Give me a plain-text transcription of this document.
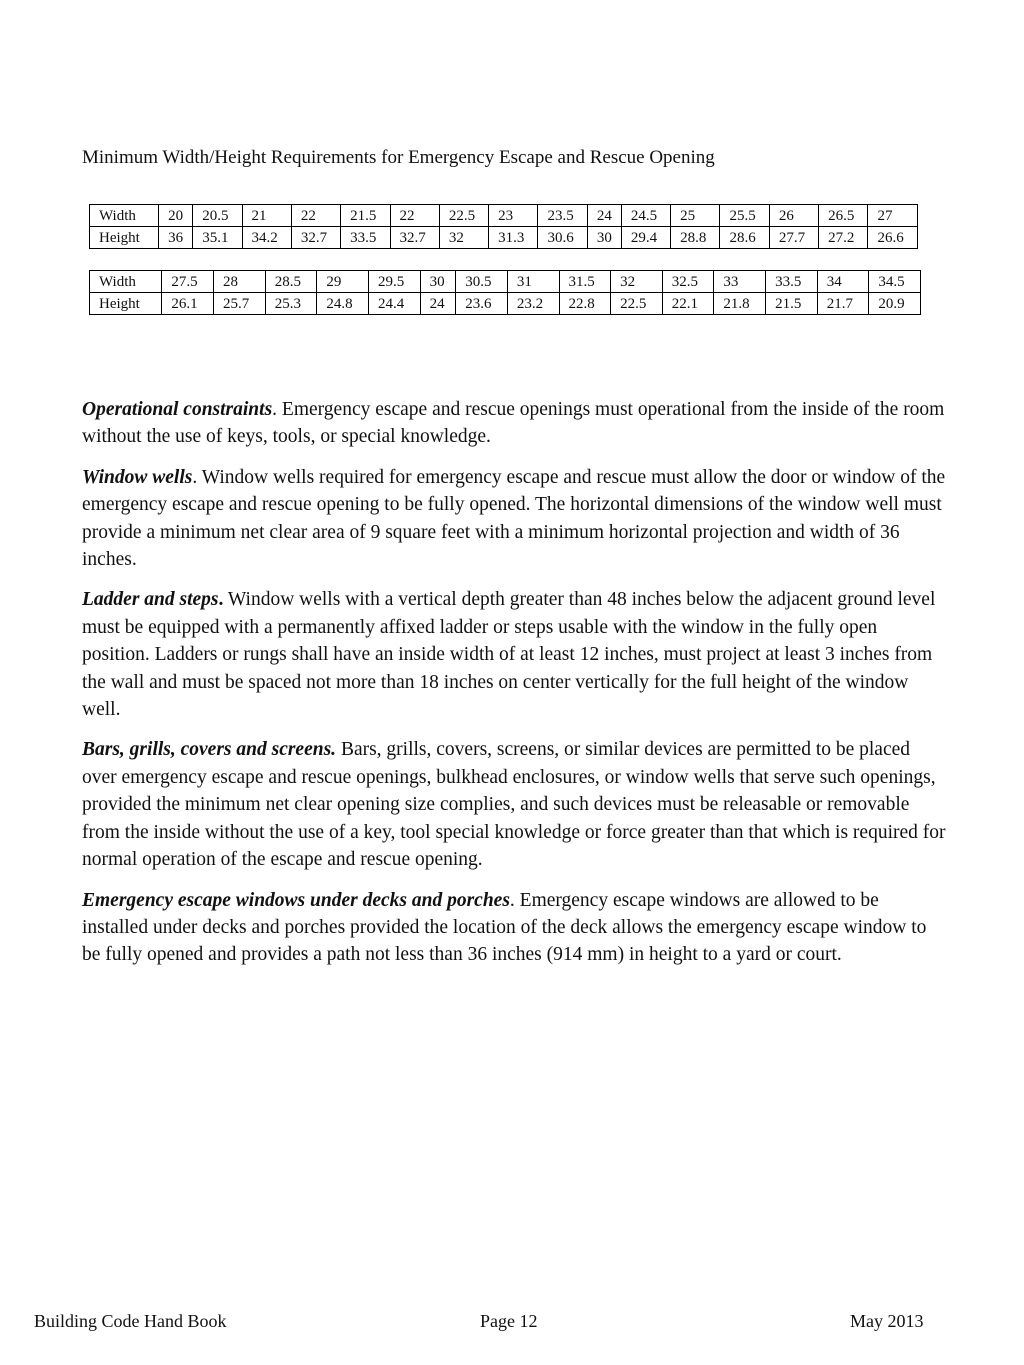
Minimum Width/Height Requirements for Emergency Escape and Rescue Opening
Width	20	20.5	21	22	21.5	22	22.5	23	23.5	24	24.5	25	25.5	26	26.5	27
Height	36	35.1	34.2	32.7	33.5	32.7	32	31.3	30.6	30	29.4	28.8	28.6	27.7	27.2	26.6
Width	27.5	28	28.5	29	29.5	30	30.5	31	31.5	32	32.5	33	33.5	34	34.5
Height	26.1	25.7	25.3	24.8	24.4	24	23.6	23.2	22.8	22.5	22.1	21.8	21.5	21.7	20.9

Operational constraints. Emergency escape and rescue openings must operational from the inside of the room without the use of keys, tools, or special knowledge.

Window wells. Window wells required for emergency escape and rescue must allow the door or window of the emergency escape and rescue opening to be fully opened. The horizontal dimensions of the window well must provide a minimum net clear area of 9 square feet with a minimum horizontal projection and width of 36 inches.

Ladder and steps. Window wells with a vertical depth greater than 48 inches below the adjacent ground level must be equipped with a permanently affixed ladder or steps usable with the window in the fully open position. Ladders or rungs shall have an inside width of at least 12 inches, must project at least 3 inches from the wall and must be spaced not more than 18 inches on center vertically for the full height of the window well.

Bars, grills, covers and screens. Bars, grills, covers, screens, or similar devices are permitted to be placed over emergency escape and rescue openings, bulkhead enclosures, or window wells that serve such openings, provided the minimum net clear opening size complies, and such devices must be releasable or removable from the inside without the use of a key, tool special knowledge or force greater than that which is required for normal operation of the escape and rescue opening.

Emergency escape windows under decks and porches. Emergency escape windows are allowed to be installed under decks and porches provided the location of the deck allows the emergency escape window to be fully opened and provides a path not less than 36 inches (914 mm) in height to a yard or court.

Building Code Hand Book	Page 12	May 2013
